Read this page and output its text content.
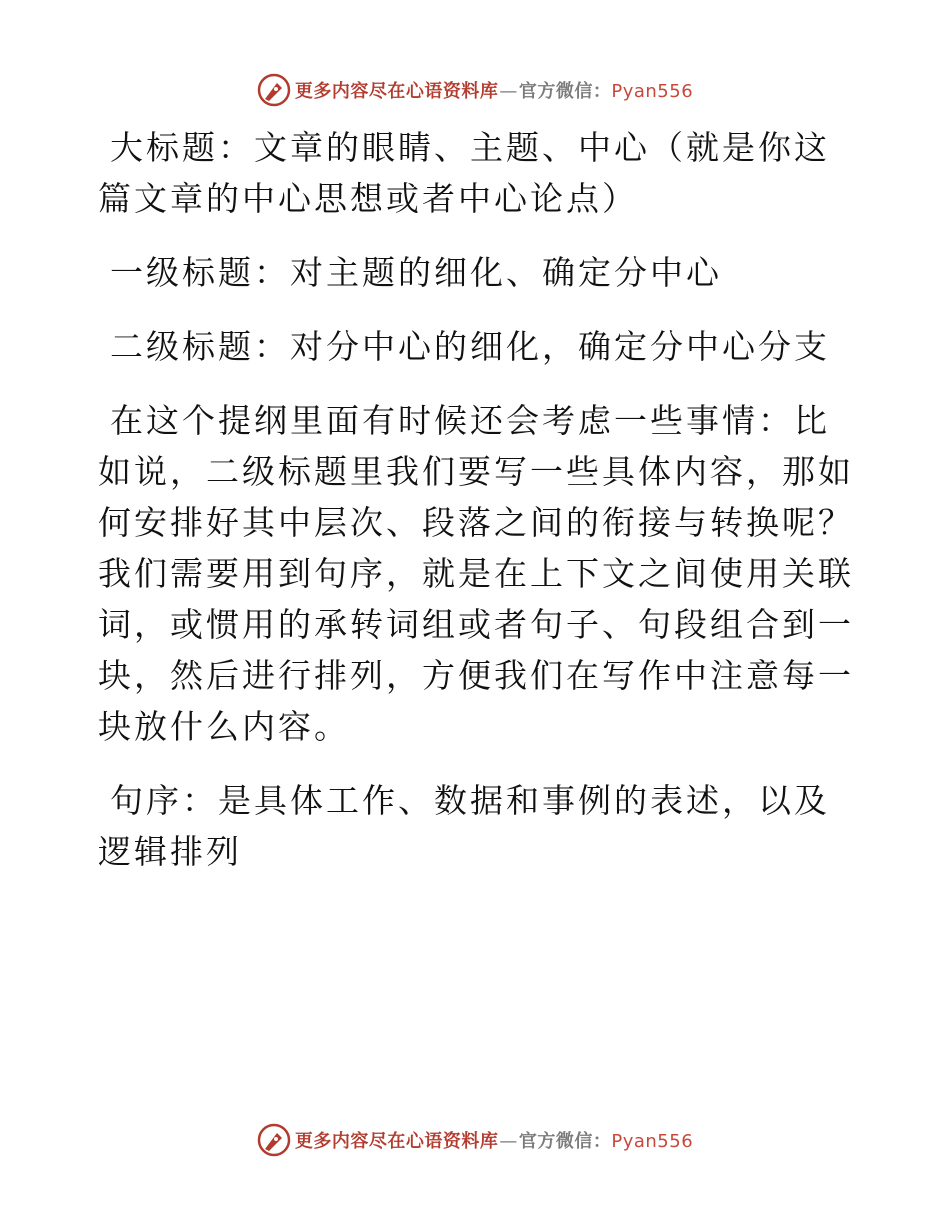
更多内容尽在心语资料库—官方微信：Pyan556

大标题：文章的眼睛、主题、中心（就是你这篇文章的中心思想或者中心论点）

一级标题：对主题的细化、确定分中心

二级标题：对分中心的细化，确定分中心分支

在这个提纲里面有时候还会考虑一些事情：比如说，二级标题里我们要写一些具体内容，那如何安排好其中层次、段落之间的衔接与转换呢？我们需要用到句序，就是在上下文之间使用关联词，或惯用的承转词组或者句子、句段组合到一块，然后进行排列，方便我们在写作中注意每一块放什么内容。

句序：是具体工作、数据和事例的表述，以及逻辑排列

更多内容尽在心语资料库—官方微信：Pyan556
